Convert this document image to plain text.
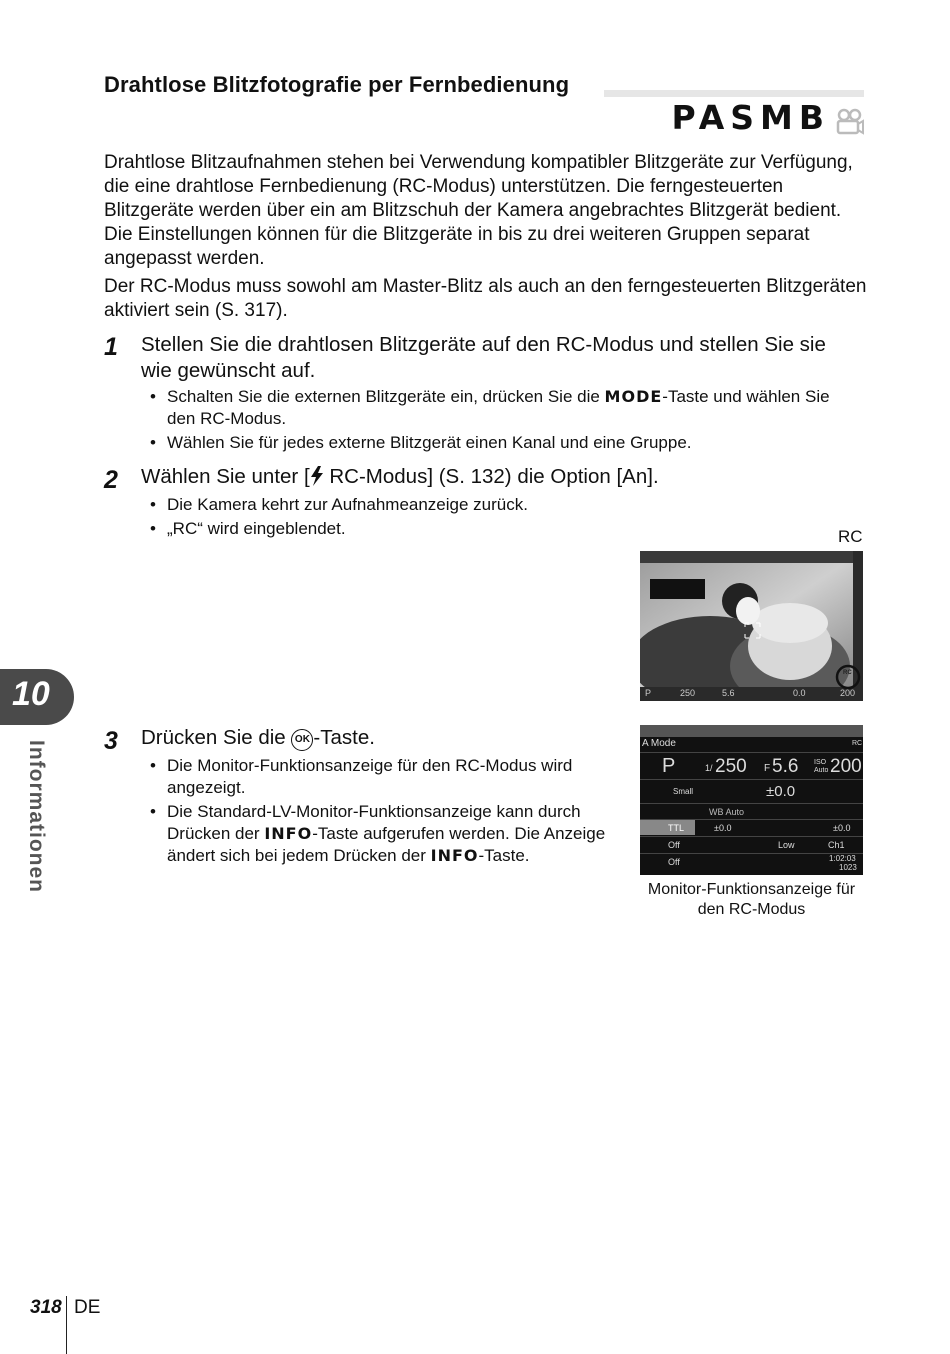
Drahtlose Blitzfotografie per Fernbedienung
PASMB
Drahtlose Blitzaufnahmen stehen bei Verwendung kompatibler Blitzgeräte zur Verfügung, die eine drahtlose Fernbedienung (RC-Modus) unterstützen. Die ferngesteuerten Blitzgeräte werden über ein am Blitzschuh der Kamera angebrachtes Blitzgerät bedient. Die Einstellungen können für die Blitzgeräte in bis zu drei weiteren Gruppen separat angepasst werden.
Der RC-Modus muss sowohl am Master-Blitz als auch an den ferngesteuerten Blitzgeräten aktiviert sein (S. 317).
1 Stellen Sie die drahtlosen Blitzgeräte auf den RC-Modus und stellen Sie sie wie gewünscht auf.
• Schalten Sie die externen Blitzgeräte ein, drücken Sie die MODE-Taste und wählen Sie den RC-Modus.
• Wählen Sie für jedes externe Blitzgerät einen Kanal und eine Gruppe.
2 Wählen Sie unter [ RC-Modus] (S. 132) die Option [An].
• Die Kamera kehrt zur Aufnahmeanzeige zurück.
• „RC“ wird eingeblendet.	RC
P	250	5.6	0.0	200
RC
3 Drücken Sie die OK -Taste.
• Die Monitor-Funktionsanzeige für den RC-Modus wird angezeigt.
• Die Standard-LV-Monitor-Funktionsanzeige kann durch Drücken der INFO-Taste aufgerufen werden. Die Anzeige ändert sich bei jedem Drücken der INFO-Taste.
A Mode	RC
P	1/ 250 F 5.6 ISO Auto 200
Small	±0.0
WB Auto
TTL	±0.0	±0.0
Off	Low	Ch1
Off	1:02:03
1023
Monitor-Funktionsanzeige für den RC-Modus
10
Informationen
318 DE
